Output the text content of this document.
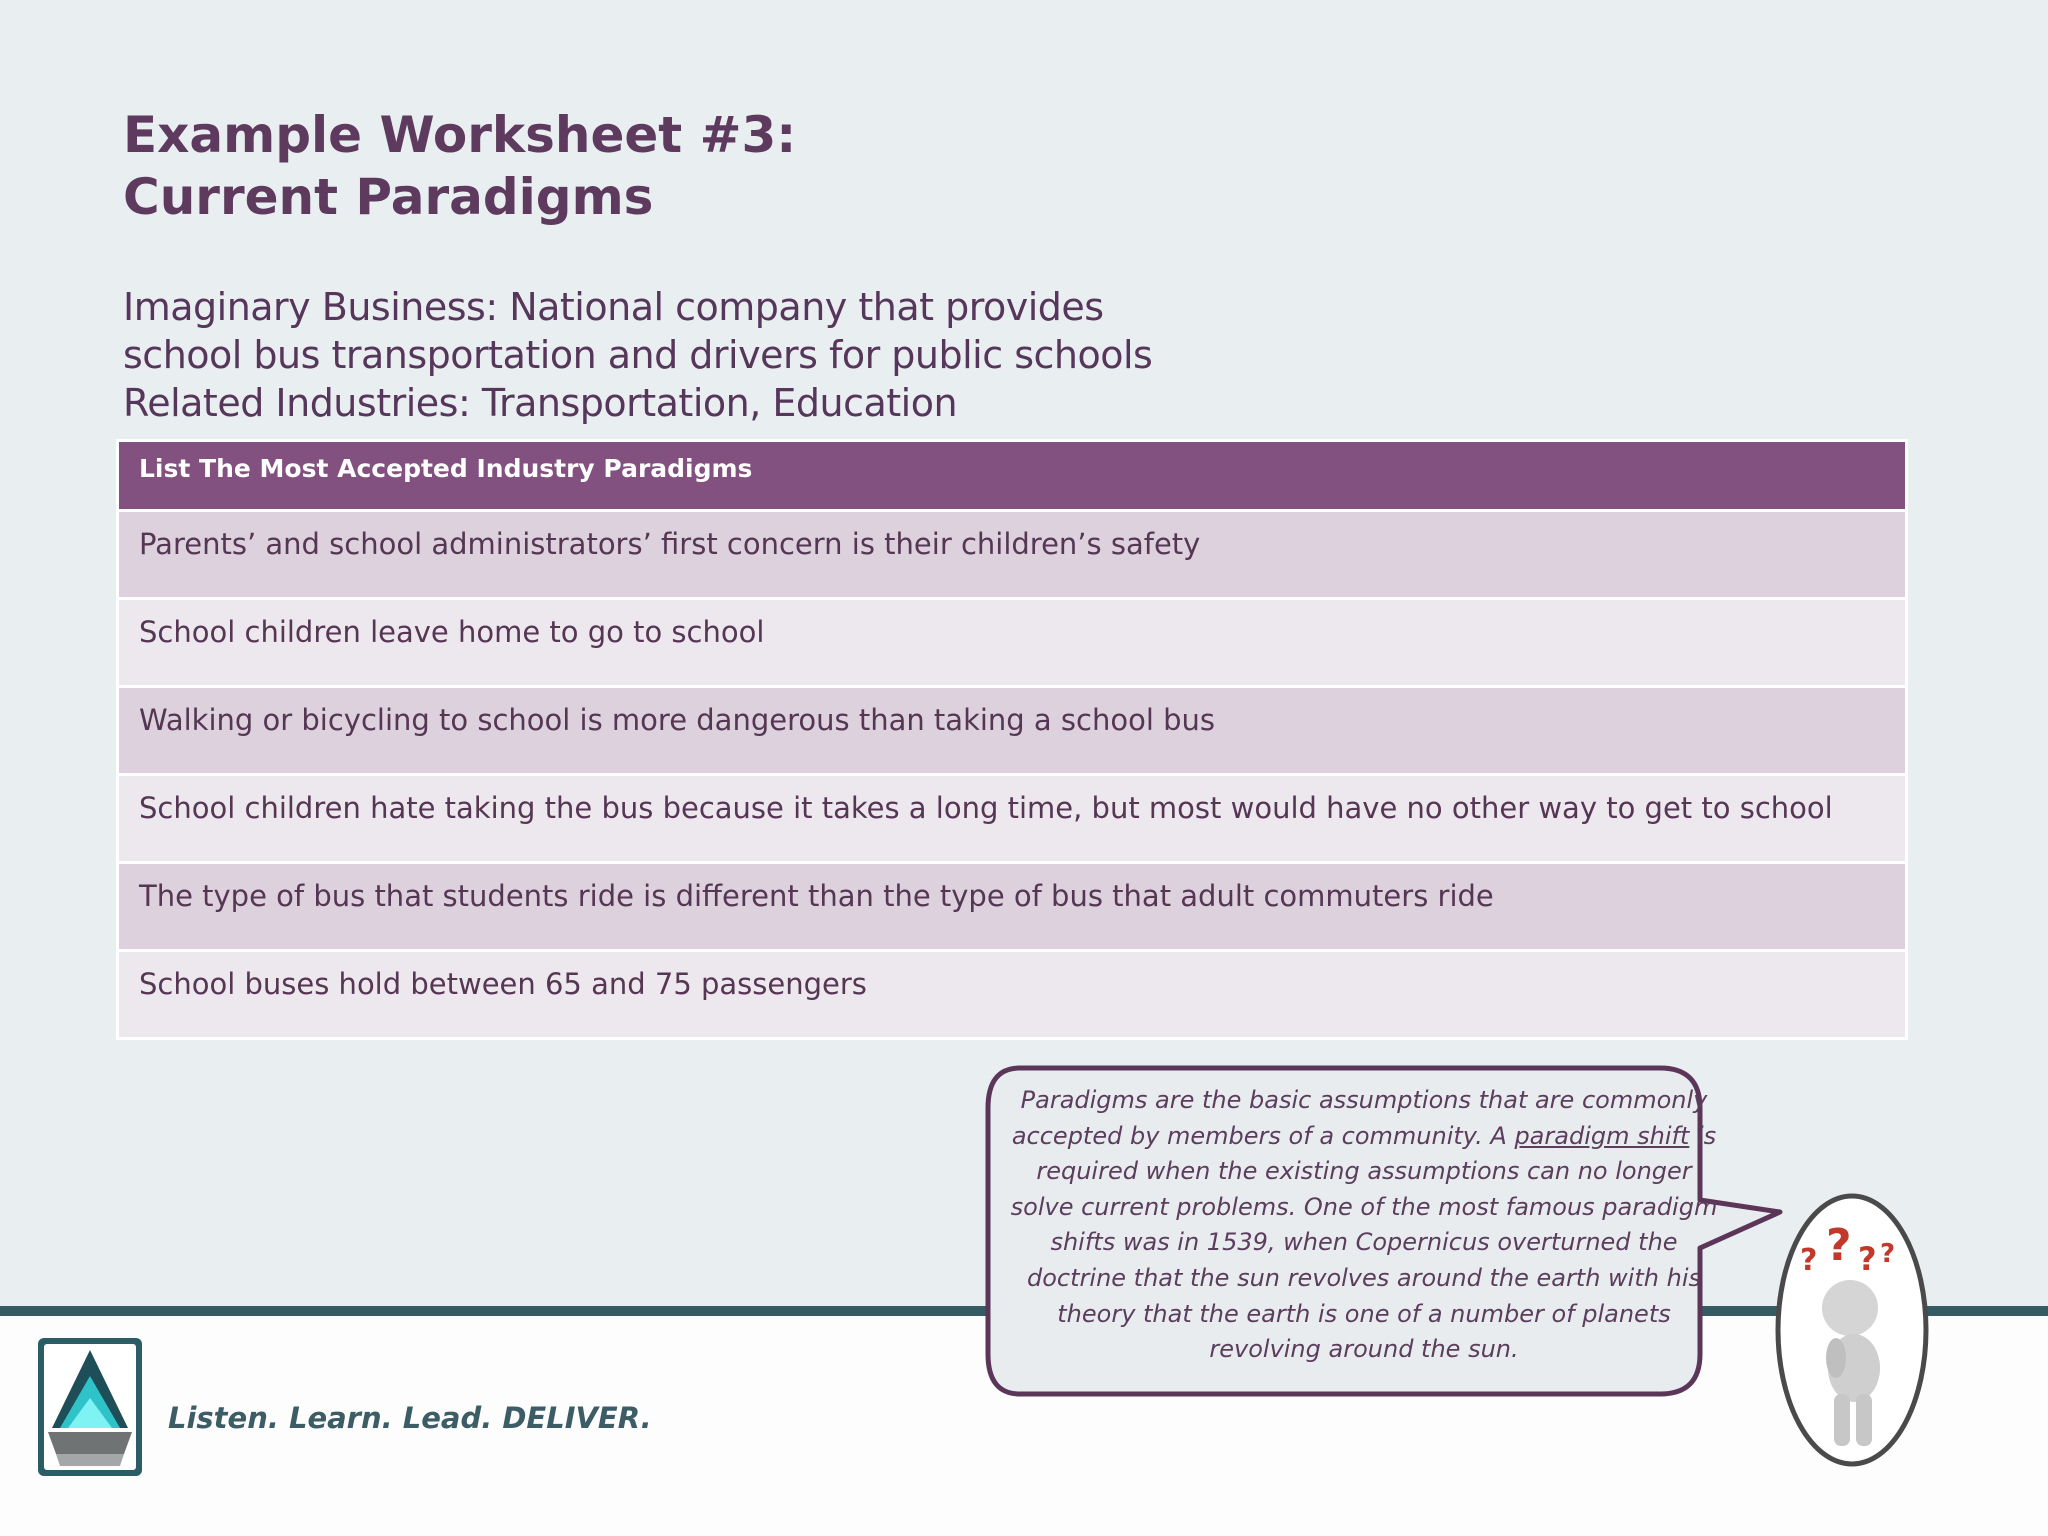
Example Worksheet #3:
Current Paradigms
Imaginary Business: National company that provides
school bus transportation and drivers for public schools
Related Industries: Transportation, Education
List The Most Accepted Industry Paradigms
Parents’ and school administrators’ first concern is their children’s safety
School children leave home to go to school
Walking or bicycling to school is more dangerous than taking a school bus
School children hate taking the bus because it takes a long time, but most would have no other way to get to school
The type of bus that students ride is different than the type of bus that adult commuters ride
School buses hold between 65 and 75 passengers
Listen. Learn. Lead. DELIVER.
Paradigms are the basic assumptions that are commonly accepted by members of a community. A paradigm shift is required when the existing assumptions can no longer solve current problems. One of the most famous paradigm shifts was in 1539, when Copernicus overturned the doctrine that the sun revolves around the earth with his theory that the earth is one of a number of planets revolving around the sun.
? ? ? ?
